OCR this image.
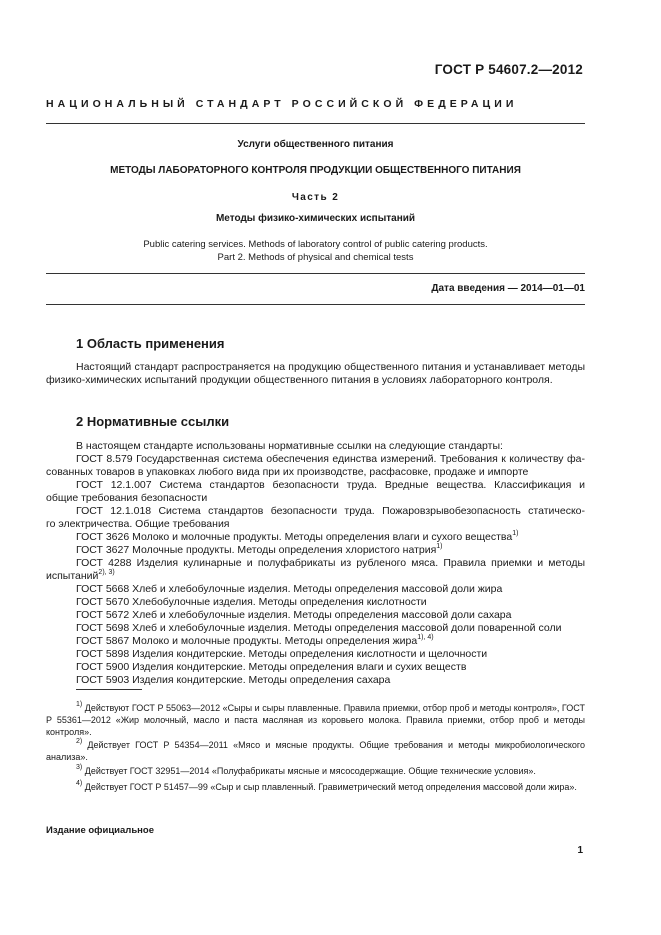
ГОСТ Р 54607.2—2012
НАЦИОНАЛЬНЫЙ СТАНДАРТ РОССИЙСКОЙ ФЕДЕРАЦИИ
Услуги общественного питания
МЕТОДЫ ЛАБОРАТОРНОГО КОНТРОЛЯ ПРОДУКЦИИ ОБЩЕСТВЕННОГО ПИТАНИЯ
Часть 2
Методы физико-химических испытаний
Public catering services. Methods of laboratory control of public catering products.
Part 2. Methods of physical and chemical tests
Дата введения — 2014—01—01
1 Область применения
Настоящий стандарт распространяется на продукцию общественного питания и устанавливает методы физико-химических испытаний продукции общественного питания в условиях лабораторного контроля.
2 Нормативные ссылки
В настоящем стандарте использованы нормативные ссылки на следующие стандарты:
ГОСТ 8.579 Государственная система обеспечения единства измерений. Требования к количеству фа-
сованных товаров в упаковках любого вида при их производстве, расфасовке, продаже и импорте
ГОСТ 12.1.007 Система стандартов безопасности труда. Вредные вещества. Классификация и
общие требования безопасности
ГОСТ 12.1.018 Система стандартов безопасности труда. Пожаровзрывобезопасность статическо-
го электричества. Общие требования
ГОСТ 3626 Молоко и молочные продукты. Методы определения влаги и сухого вещества$^{1)}$
ГОСТ 3627 Молочные продукты. Методы определения хлористого натрия$^{1)}$
ГОСТ 4288 Изделия кулинарные и полуфабрикаты из рубленого мяса. Правила приемки и методы
испытаний$^{2), 3)}$
ГОСТ 5668 Хлеб и хлебобулочные изделия. Методы определения массовой доли жира
ГОСТ 5670 Хлебобулочные изделия. Методы определения кислотности
ГОСТ 5672 Хлеб и хлебобулочные изделия. Методы определения массовой доли сахара
ГОСТ 5698 Хлеб и хлебобулочные изделия. Методы определения массовой доли поваренной соли
ГОСТ 5867 Молоко и молочные продукты. Методы определения жира$^{1), 4)}$
ГОСТ 5898 Изделия кондитерские. Методы определения кислотности и щелочности
ГОСТ 5900 Изделия кондитерские. Методы определения влаги и сухих веществ
ГОСТ 5903 Изделия кондитерские. Методы определения сахара
$^{1)}$ Действуют ГОСТ Р 55063—2012 «Сыры и сыры плавленные. Правила приемки, отбор проб и методы контроля», ГОСТ Р 55361—2012 «Жир молочный, масло и паста масляная из коровьего молока. Правила приемки, отбор проб и методы контроля».
$^{2)}$ Действует ГОСТ Р 54354—2011 «Мясо и мясные продукты. Общие требования и методы микробиологического анализа».
$^{3)}$ Действует ГОСТ 32951—2014 «Полуфабрикаты мясные и мясосодержащие. Общие технические условия».
$^{4)}$ Действует ГОСТ Р 51457—99 «Сыр и сыр плавленный. Гравиметрический метод определения массовой доли жира».
Издание официальное
1
